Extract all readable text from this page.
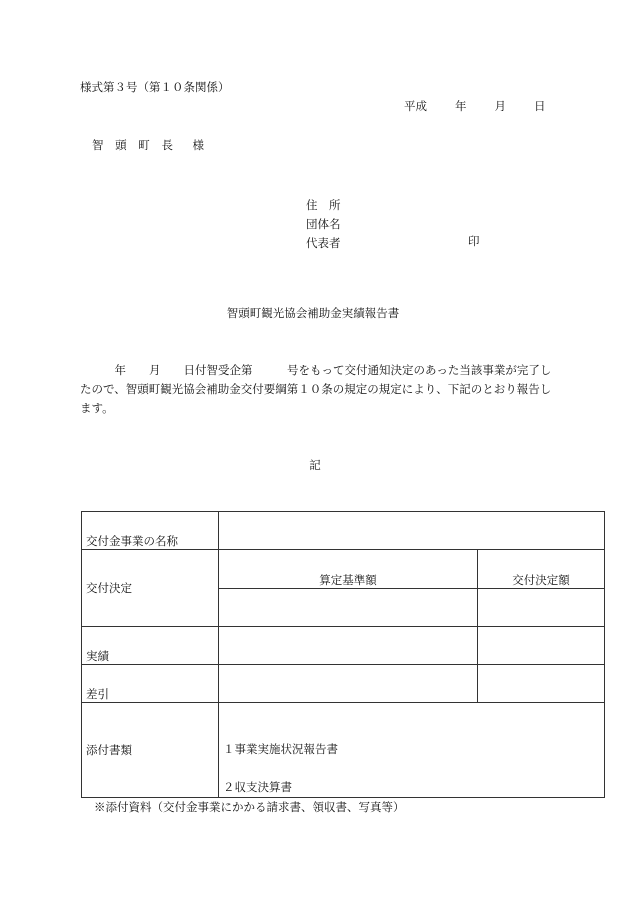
様式第３号（第１０条関係）
平成 年 月 日
智 頭 町 長　様
住　所
団体名
代表者	印
智頭町観光協会補助金実績報告書
　　　年　　月　　日付智受企第　　　号をもって交付通知決定のあった当該事業が完了したので、智頭町観光協会補助金交付要綱第１０条の規定の規定により、下記のとおり報告します。
記
交付金事業の名称		
交付決定	算定基準額	交付決定額

実績		
差引		
添付書類	１事業実施状況報告書
２収支決算書	
※添付資料（交付金事業にかかる請求書、領収書、写真等）
